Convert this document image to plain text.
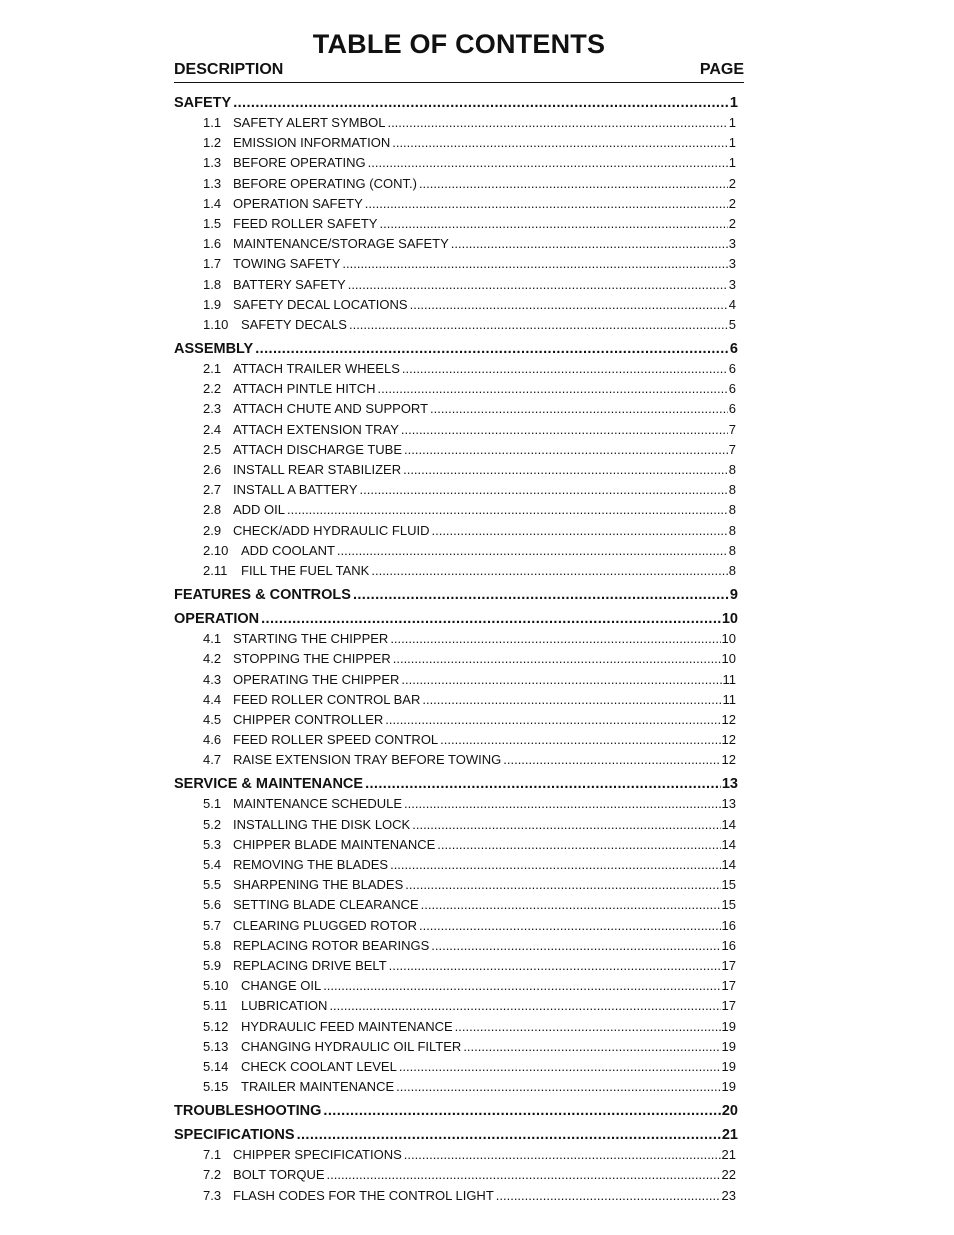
TABLE OF CONTENTS
DESCRIPTION	PAGE
SAFETY .....	1
1.1 SAFETY ALERT SYMBOL .....	1
1.2 EMISSION INFORMATION .....	1
1.3 BEFORE OPERATING .....	1
1.3 BEFORE OPERATING (CONT.) .....	2
1.4 OPERATION SAFETY .....	2
1.5 FEED ROLLER SAFETY .....	2
1.6 MAINTENANCE/STORAGE SAFETY .....	3
1.7 TOWING SAFETY .....	3
1.8 BATTERY SAFETY .....	3
1.9 SAFETY DECAL LOCATIONS .....	4
1.10 SAFETY DECALS .....	5
ASSEMBLY .....	6
2.1 ATTACH TRAILER WHEELS .....	6
2.2 ATTACH PINTLE HITCH .....	6
2.3 ATTACH CHUTE AND SUPPORT .....	6
2.4 ATTACH EXTENSION TRAY .....	7
2.5 ATTACH DISCHARGE TUBE .....	7
2.6 INSTALL REAR STABILIZER .....	8
2.7 INSTALL A BATTERY .....	8
2.8 ADD OIL .....	8
2.9 CHECK/ADD HYDRAULIC FLUID .....	8
2.10 ADD COOLANT .....	8
2.11	FILL THE FUEL TANK .....	8
FEATURES & CONTROLS .....	9
OPERATION .....	10
4.1 STARTING THE CHIPPER .....	10
4.2 STOPPING THE CHIPPER .....	10
4.3 OPERATING THE CHIPPER .....	11
4.4 FEED ROLLER CONTROL BAR .....	11
4.5 CHIPPER CONTROLLER .....	12
4.6 FEED ROLLER SPEED CONTROL .....	12
4.7 RAISE EXTENSION TRAY BEFORE TOWING .....	12
SERVICE & MAINTENANCE .....	13
5.1 MAINTENANCE SCHEDULE .....	13
5.2 INSTALLING THE DISK LOCK .....	14
5.3 CHIPPER BLADE MAINTENANCE .....	14
5.4 REMOVING THE BLADES .....	14
5.5 SHARPENING THE BLADES .....	15
5.6 SETTING BLADE CLEARANCE .....	15
5.7 CLEARING PLUGGED ROTOR .....	16
5.8 REPLACING ROTOR BEARINGS .....	16
5.9 REPLACING DRIVE BELT .....	17
5.10 CHANGE OIL .....	17
5.11	LUBRICATION .....	17
5.12 HYDRAULIC FEED MAINTENANCE .....	19
5.13 CHANGING HYDRAULIC OIL FILTER .....	19
5.14 CHECK COOLANT LEVEL .....	19
5.15 TRAILER MAINTENANCE .....	19
TROUBLESHOOTING .....	20
SPECIFICATIONS .....	21
7.1 CHIPPER SPECIFICATIONS .....	21
7.2 BOLT TORQUE .....	22
7.3 FLASH CODES FOR THE CONTROL LIGHT .....	23
